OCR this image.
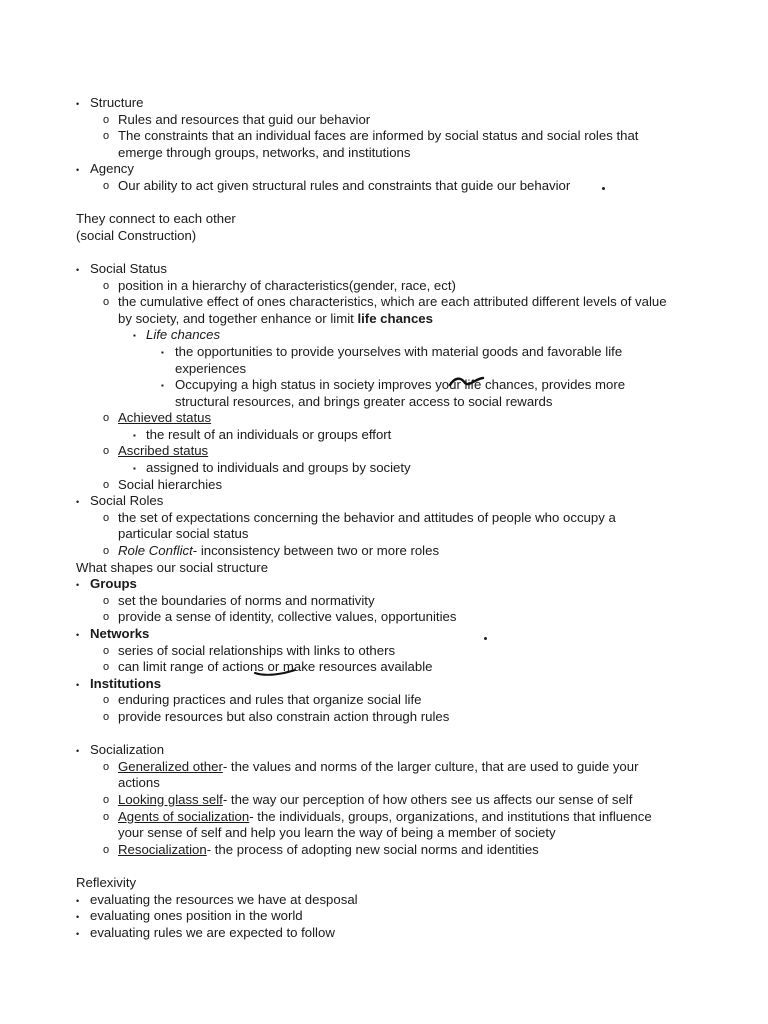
• Structure
o Rules and resources that guid our behavior
o The constraints that an individual faces are informed by social status and social roles that
emerge through groups, networks, and institutions
• Agency
o Our ability to act given structural rules and constraints that guide our behavior
They connect to each other
(social Construction)
• Social Status
o position in a hierarchy of characteristics(gender, race, ect)
o the cumulative effect of ones characteristics, which are each attributed different levels of value
by society, and together enhance or limit life chances
▪ Life chances
▪ the opportunities to provide yourselves with material goods and favorable life
experiences
▪ Occupying a high status in society improves your life chances, provides more
structural resources, and brings greater access to social rewards
o Achieved status
▪ the result of an individuals or groups effort
o Ascribed status
▪ assigned to individuals and groups by society
o Social hierarchies
• Social Roles
o the set of expectations concerning the behavior and attitudes of people who occupy a
particular social status
o Role Conflict- inconsistency between two or more roles
What shapes our social structure
• Groups
o set the boundaries of norms and normativity
o provide a sense of identity, collective values, opportunities
• Networks
o series of social relationships with links to others
o can limit range of actions or make resources available
• Institutions
o enduring practices and rules that organize social life
o provide resources but also constrain action through rules
• Socialization
o Generalized other- the values and norms of the larger culture, that are used to guide your
actions
o Looking glass self- the way our perception of how others see us affects our sense of self
o Agents of socialization- the individuals, groups, organizations, and institutions that influence
your sense of self and help you learn the way of being a member of society
o Resocialization- the process of adopting new social norms and identities
Reflexivity
• evaluating the resources we have at desposal
• evaluating ones position in the world
• evaluating rules we are expected to follow
